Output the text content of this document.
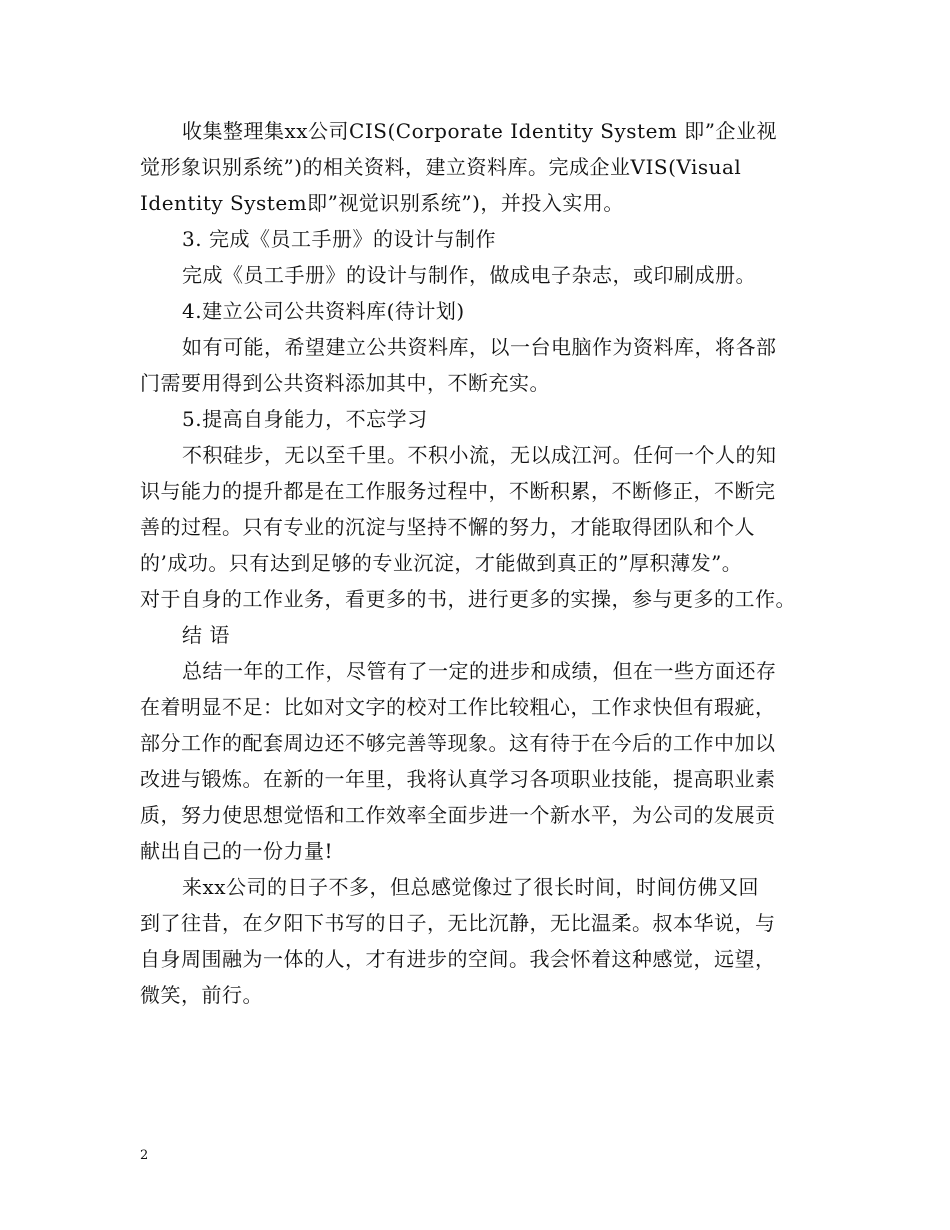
收集整理集xx公司CIS(Corporate Identity System 即”企业视
觉形象识别系统”)的相关资料，建立资料库。完成企业VIS(Visual
Identity System即”视觉识别系统”)，并投入实用。

3. 完成《员工手册》的设计与制作

完成《员工手册》的设计与制作，做成电子杂志，或印刷成册。

4.建立公司公共资料库(待计划)

如有可能，希望建立公共资料库，以一台电脑作为资料库，将各部
门需要用得到公共资料添加其中，不断充实。

5.提高自身能力，不忘学习

不积硅步，无以至千里。不积小流，无以成江河。任何一个人的知
识与能力的提升都是在工作服务过程中，不断积累，不断修正，不断完
善的过程。只有专业的沉淀与坚持不懈的努力，才能取得团队和个人
的’成功。只有达到足够的专业沉淀，才能做到真正的”厚积薄发”。
对于自身的工作业务，看更多的书，进行更多的实操，参与更多的工作。

结 语

总结一年的工作，尽管有了一定的进步和成绩，但在一些方面还存
在着明显不足：比如对文字的校对工作比较粗心，工作求快但有瑕疵，
部分工作的配套周边还不够完善等现象。这有待于在今后的工作中加以
改进与锻炼。在新的一年里，我将认真学习各项职业技能，提高职业素
质，努力使思想觉悟和工作效率全面步进一个新水平，为公司的发展贡
献出自己的一份力量!

来xx公司的日子不多，但总感觉像过了很长时间，时间仿佛又回
到了往昔，在夕阳下书写的日子，无比沉静，无比温柔。叔本华说，与
自身周围融为一体的人，才有进步的空间。我会怀着这种感觉，远望，
微笑，前行。

2
